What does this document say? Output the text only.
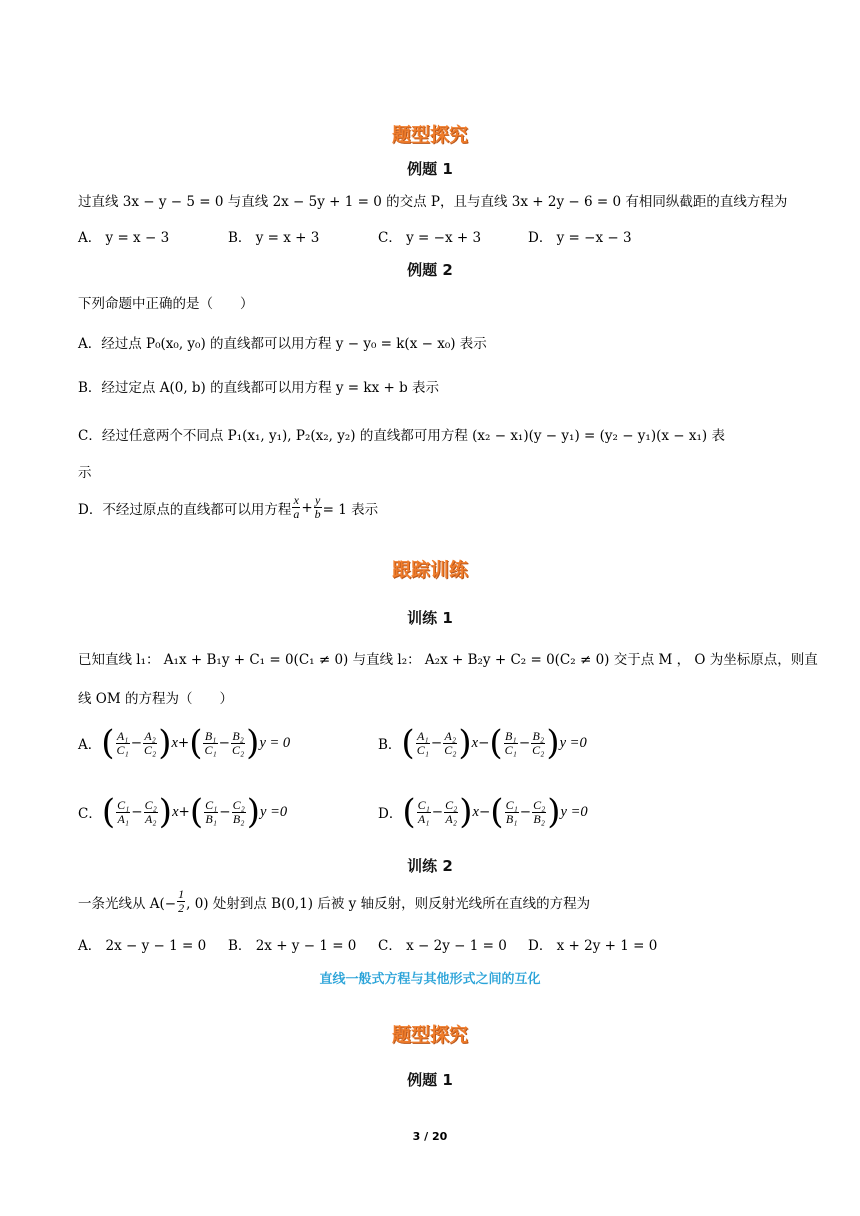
题型探究
例题 1
过直线 3x − y − 5 = 0 与直线 2x − 5y + 1 = 0 的交点 P，且与直线 3x + 2y − 6 = 0 有相同纵截距的直线方程为
A． y = x − 3	B． y = x + 3	C． y = −x + 3	D． y = −x − 3
例题 2
下列命题中正确的是（　　）
A．经过点 P₀(x₀, y₀) 的直线都可以用方程 y − y₀ = k(x − x₀) 表示
B．经过定点 A(0, b) 的直线都可以用方程 y = kx + b 表示
C．经过任意两个不同点 P₁(x₁, y₁), P₂(x₂, y₂) 的直线都可用方程 (x₂ − x₁)(y − y₁) = (y₂ − y₁)(x − x₁) 表
示
D．不经过原点的直线都可以用方程 $\frac{x}{a} + \frac{y}{b} = 1$ 表示
跟踪训练
训练 1
已知直线 l₁： A₁x + B₁y + C₁ = 0(C₁ ≠ 0) 与直线 l₂： A₂x + B₂y + C₂ = 0(C₂ ≠ 0) 交于点 M ， O 为坐标原点，则直
线 OM 的方程为（　　）
A． ( $\frac{\text{A₁}}{\text{C₁}} - \frac{\text{A₂}}{\text{C₂}}$ ) x + ( $\frac{\text{B₁}}{\text{C₁}} - \frac{\text{B₂}}{\text{C₂}}$ ) y = 0	B． ( $\frac{\text{A₁}}{\text{C₁}} - \frac{\text{A₂}}{\text{C₂}}$ ) x − ( $\frac{\text{B₁}}{\text{C₁}} - \frac{\text{B₂}}{\text{C₂}}$ ) y =0
C． ( $\frac{\text{C₁}}{\text{A₁}} - \frac{\text{C₂}}{\text{A₂}}$ ) x + ( $\frac{\text{C₁}}{\text{B₁}} - \frac{\text{C₂}}{\text{B₂}}$ ) y =0	D． ( $\frac{\text{C₁}}{\text{A₁}} - \frac{\text{C₂}}{\text{A₂}}$ ) x − ( $\frac{\text{C₁}}{\text{B₁}} - \frac{\text{C₂}}{\text{B₂}}$ ) y =0
训练 2
一条光线从 $A(- \frac{1}{2}$ , 0) 处射到点 B(0,1) 后被 y 轴反射，则反射光线所在直线的方程为
A． 2x − y − 1 = 0 B． 2x + y − 1 = 0 C． x − 2y − 1 = 0 D． x + 2y + 1 = 0
直线一般式方程与其他形式之间的互化
题型探究
例题 1
3 / 20
